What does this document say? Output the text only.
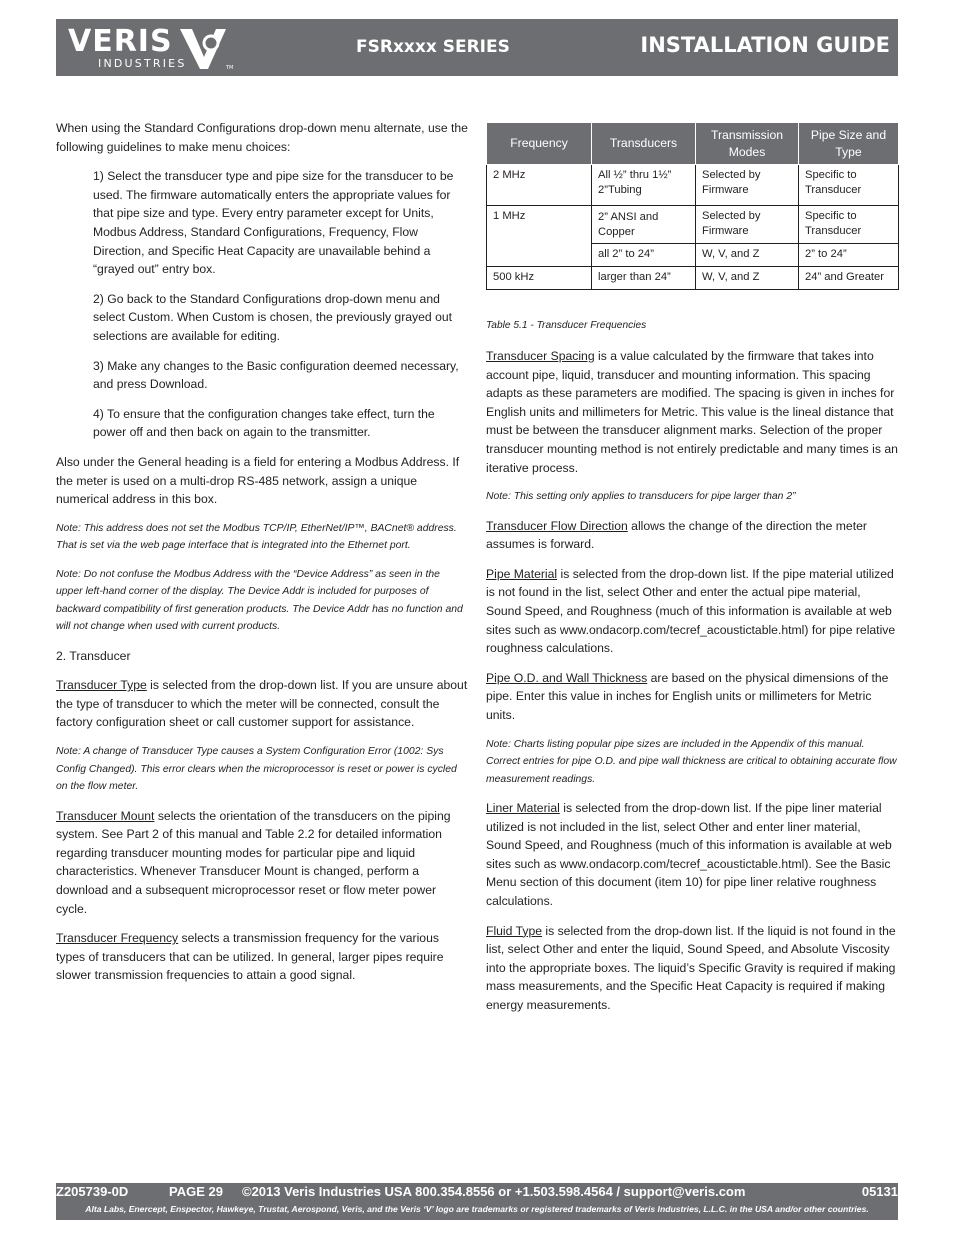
VERIS
INDUSTRIES	TM
FSRxxxx SERIES	INSTALLATION GUIDE

When using the Standard Configurations drop-down menu alternate, use the following guidelines to make menu choices:

1) Select the transducer type and pipe size for the transducer to be used. The firmware automatically enters the appropriate values for that pipe size and type. Every entry parameter except for Units, Modbus Address, Standard Configurations, Frequency, Flow Direction, and Specific Heat Capacity are unavailable behind a “grayed out” entry box.

2) Go back to the Standard Configurations drop-down menu and select Custom. When Custom is chosen, the previously grayed out selections are available for editing.

3) Make any changes to the Basic configuration deemed necessary, and press Download.

4) To ensure that the configuration changes take effect, turn the power off and then back on again to the transmitter.

Also under the General heading is a field for entering a Modbus Address. If the meter is used on a multi-drop RS-485 network, assign a unique numerical address in this box.

Note: This address does not set the Modbus TCP/IP, EtherNet/IP™, BACnet® address. That is set via the web page interface that is integrated into the Ethernet port.

Note: Do not confuse the Modbus Address with the “Device Address” as seen in the upper left-hand corner of the display. The Device Addr is included for purposes of backward compatibility of first generation products. The Device Addr has no function and will not change when used with current products.

2. Transducer

Transducer Type is selected from the drop-down list. If you are unsure about the type of transducer to which the meter will be connected, consult the factory configuration sheet or call customer support for assistance.

Note: A change of Transducer Type causes a System Configuration Error (1002: Sys Config Changed). This error clears when the microprocessor is reset or power is cycled on the flow meter.

Transducer Mount selects the orientation of the transducers on the piping system. See Part 2 of this manual and Table 2.2 for detailed information regarding transducer mounting modes for particular pipe and liquid characteristics. Whenever Transducer Mount is changed, perform a download and a subsequent microprocessor reset or flow meter power cycle.

Transducer Frequency selects a transmission frequency for the various types of transducers that can be utilized. In general, larger pipes require slower transmission frequencies to attain a good signal.

Frequency	Transducers	Transmission Modes	Pipe Size and Type
2 MHz	All ½” thru 1½” 2”Tubing	Selected by Firmware	Specific to Transducer
1 MHz	2” ANSI and Copper	Selected by Firmware	Specific to Transducer
	all 2” to 24”	W, V, and Z	2” to 24”
500 kHz	larger than 24”	W, V, and Z	24” and Greater
Table 5.1 - Transducer Frequencies

Transducer Spacing is a value calculated by the firmware that takes into account pipe, liquid, transducer and mounting information. This spacing adapts as these parameters are modified. The spacing is given in inches for English units and millimeters for Metric. This value is the lineal distance that must be between the transducer alignment marks. Selection of the proper transducer mounting method is not entirely predictable and many times is an iterative process.

Note: This setting only applies to transducers for pipe larger than 2”

Transducer Flow Direction allows the change of the direction the meter assumes is forward.

Pipe Material is selected from the drop-down list. If the pipe material utilized is not found in the list, select Other and enter the actual pipe material, Sound Speed, and Roughness (much of this information is available at web sites such as www.ondacorp.com/tecref_acoustictable.html) for pipe relative roughness calculations.

Pipe O.D. and Wall Thickness are based on the physical dimensions of the pipe. Enter this value in inches for English units or millimeters for Metric units.

Note: Charts listing popular pipe sizes are included in the Appendix of this manual. Correct entries for pipe O.D. and pipe wall thickness are critical to obtaining accurate flow measurement readings.

Liner Material is selected from the drop-down list. If the pipe liner material utilized is not included in the list, select Other and enter liner material, Sound Speed, and Roughness (much of this information is available at web sites such as www.ondacorp.com/tecref_acoustictable.html). See the Basic Menu section of this document (item 10) for pipe liner relative roughness calculations.

Fluid Type is selected from the drop-down list. If the liquid is not found in the list, select Other and enter the liquid, Sound Speed, and Absolute Viscosity into the appropriate boxes. The liquid’s Specific Gravity is required if making mass measurements, and the Specific Heat Capacity is required if making energy measurements.

Z205739-0D	PAGE 29 ©2013 Veris Industries USA 800.354.8556 or +1.503.598.4564 / support@veris.com	05131
Alta Labs, Enercept, Enspector, Hawkeye, Trustat, Aerospond, Veris, and the Veris ‘V’ logo are trademarks or registered trademarks of Veris Industries, L.L.C. in the USA and/or other countries.
